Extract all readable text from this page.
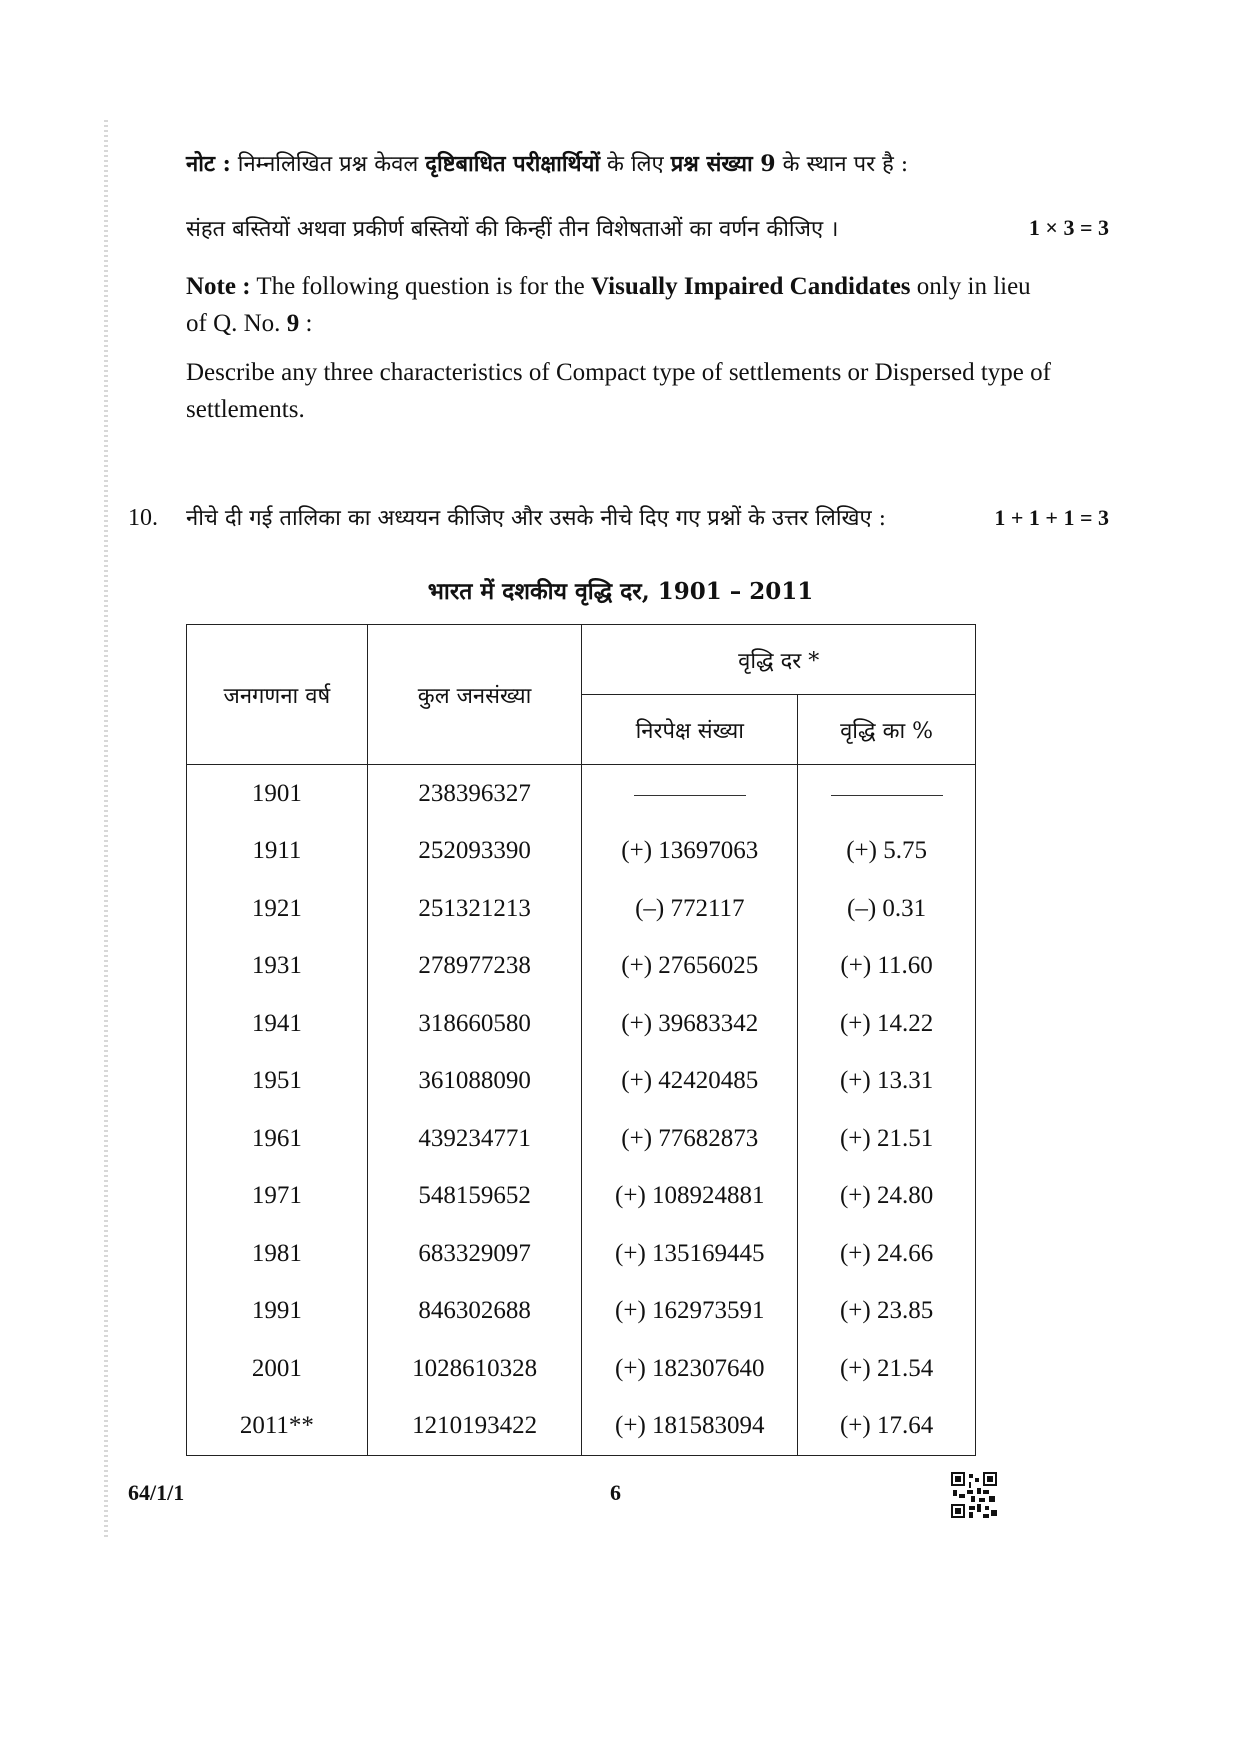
नोट : निम्नलिखित प्रश्न केवल दृष्टिबाधित परीक्षार्थियों के लिए प्रश्न संख्या 9 के स्थान पर है :
संहत बस्तियों अथवा प्रकीर्ण बस्तियों की किन्हीं तीन विशेषताओं का वर्णन कीजिए ।	1 × 3 = 3
Note : The following question is for the Visually Impaired Candidates only in lieu
of Q. No. 9 :
Describe any three characteristics of Compact type of settlements or Dispersed type of
settlements.
10. नीचे दी गई तालिका का अध्ययन कीजिए और उसके नीचे दिए गए प्रश्नों के उत्तर लिखिए :	1 + 1 + 1 = 3
भारत में दशकीय वृद्धि दर, 1901 – 2011
जनगणना वर्ष	कुल जनसंख्या	वृद्धि दर *	
		निरपेक्ष संख्या	वृद्धि का %
1901	238396327		
1911	252093390	(+) 13697063	(+) 5.75
1921	251321213	(–) 772117	(–) 0.31
1931	278977238	(+) 27656025	(+) 11.60
1941	318660580	(+) 39683342	(+) 14.22
1951	361088090	(+) 42420485	(+) 13.31
1961	439234771	(+) 77682873	(+) 21.51
1971	548159652	(+) 108924881	(+) 24.80
1981	683329097	(+) 135169445	(+) 24.66
1991	846302688	(+) 162973591	(+) 23.85
2001	1028610328	(+) 182307640	(+) 21.54
2011**	1210193422	(+) 181583094	(+) 17.64
64/1/1	6
